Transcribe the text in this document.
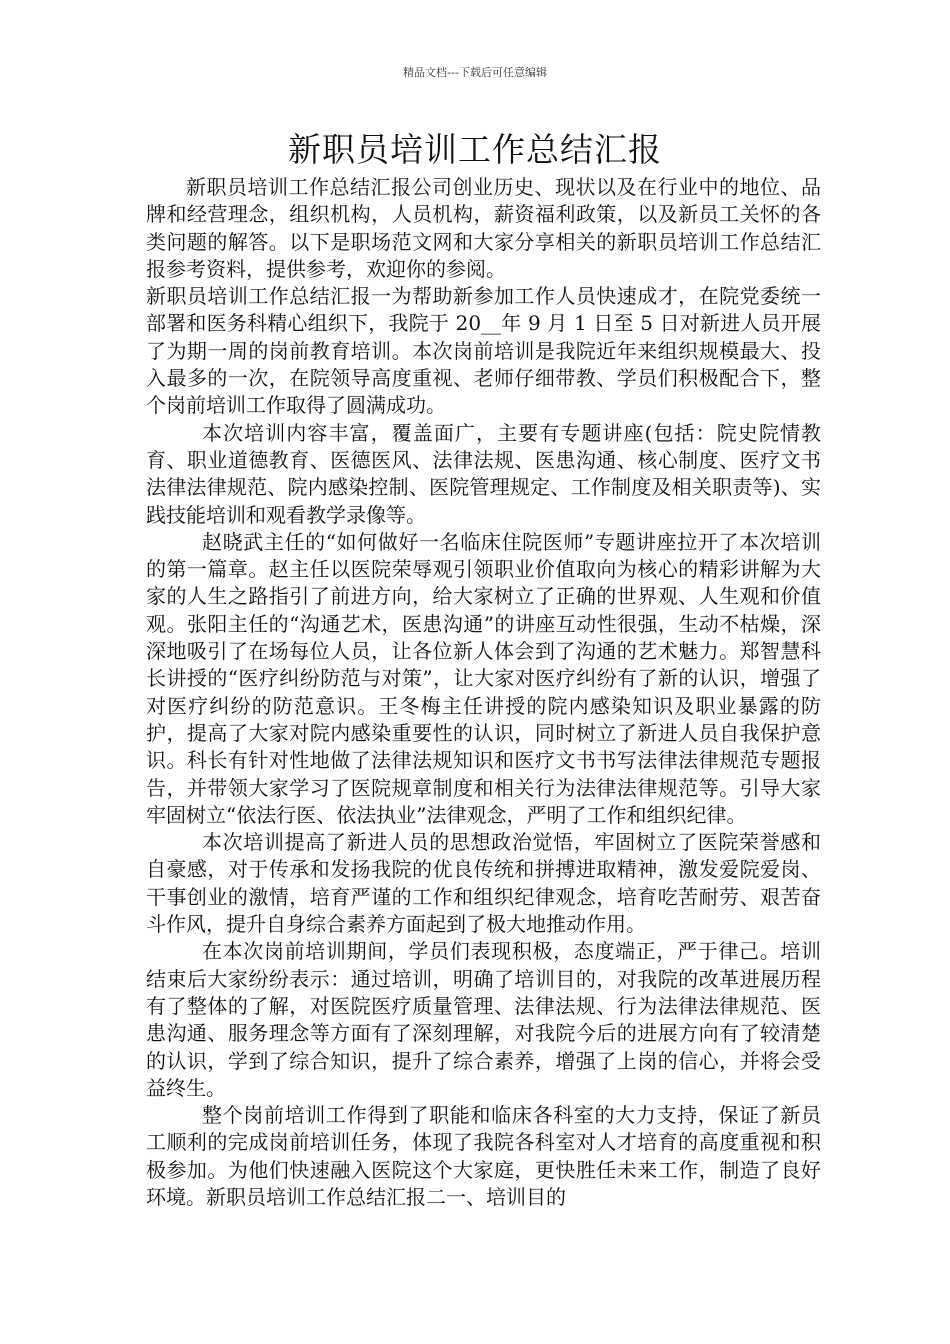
精品文档---下载后可任意编辑
新职员培训工作总结汇报

新职员培训工作总结汇报公司创业历史、现状以及在行业中的地位、品牌和经营理念，组织机构，人员机构，薪资福利政策，以及新员工关怀的各类问题的解答。以下是职场范文网和大家分享相关的新职员培训工作总结汇报参考资料，提供参考，欢迎你的参阅。

新职员培训工作总结汇报一为帮助新参加工作人员快速成才，在院党委统一部署和医务科精心组织下，我院于 20__年 9 月 1 日至 5 日对新进人员开展了为期一周的岗前教育培训。本次岗前培训是我院近年来组织规模最大、投入最多的一次，在院领导高度重视、老师仔细带教、学员们积极配合下，整个岗前培训工作取得了圆满成功。

本次培训内容丰富，覆盖面广，主要有专题讲座(包括：院史院情教育、职业道德教育、医德医风、法律法规、医患沟通、核心制度、医疗文书法律法律规范、院内感染控制、医院管理规定、工作制度及相关职责等)、实践技能培训和观看教学录像等。

赵晓武主任的“如何做好一名临床住院医师”专题讲座拉开了本次培训的第一篇章。赵主任以医院荣辱观引领职业价值取向为核心的精彩讲解为大家的人生之路指引了前进方向，给大家树立了正确的世界观、人生观和价值观。张阳主任的“沟通艺术，医患沟通”的讲座互动性很强，生动不枯燥，深深地吸引了在场每位人员，让各位新人体会到了沟通的艺术魅力。郑智慧科长讲授的“医疗纠纷防范与对策”，让大家对医疗纠纷有了新的认识，增强了对医疗纠纷的防范意识。王冬梅主任讲授的院内感染知识及职业暴露的防护，提高了大家对院内感染重要性的认识，同时树立了新进人员自我保护意识。科长有针对性地做了法律法规知识和医疗文书书写法律法律规范专题报告，并带领大家学习了医院规章制度和相关行为法律法律规范等。引导大家牢固树立“依法行医、依法执业”法律观念，严明了工作和组织纪律。

本次培训提高了新进人员的思想政治觉悟，牢固树立了医院荣誉感和自豪感，对于传承和发扬我院的优良传统和拼搏进取精神，激发爱院爱岗、干事创业的激情，培育严谨的工作和组织纪律观念，培育吃苦耐劳、艰苦奋斗作风，提升自身综合素养方面起到了极大地推动作用。

在本次岗前培训期间，学员们表现积极，态度端正，严于律己。培训结束后大家纷纷表示：通过培训，明确了培训目的，对我院的改革进展历程有了整体的了解，对医院医疗质量管理、法律法规、行为法律法律规范、医患沟通、服务理念等方面有了深刻理解，对我院今后的进展方向有了较清楚的认识，学到了综合知识，提升了综合素养，增强了上岗的信心，并将会受益终生。

整个岗前培训工作得到了职能和临床各科室的大力支持，保证了新员工顺利的完成岗前培训任务，体现了我院各科室对人才培育的高度重视和积极参加。为他们快速融入医院这个大家庭，更快胜任未来工作，制造了良好环境。新职员培训工作总结汇报二一、培训目的
